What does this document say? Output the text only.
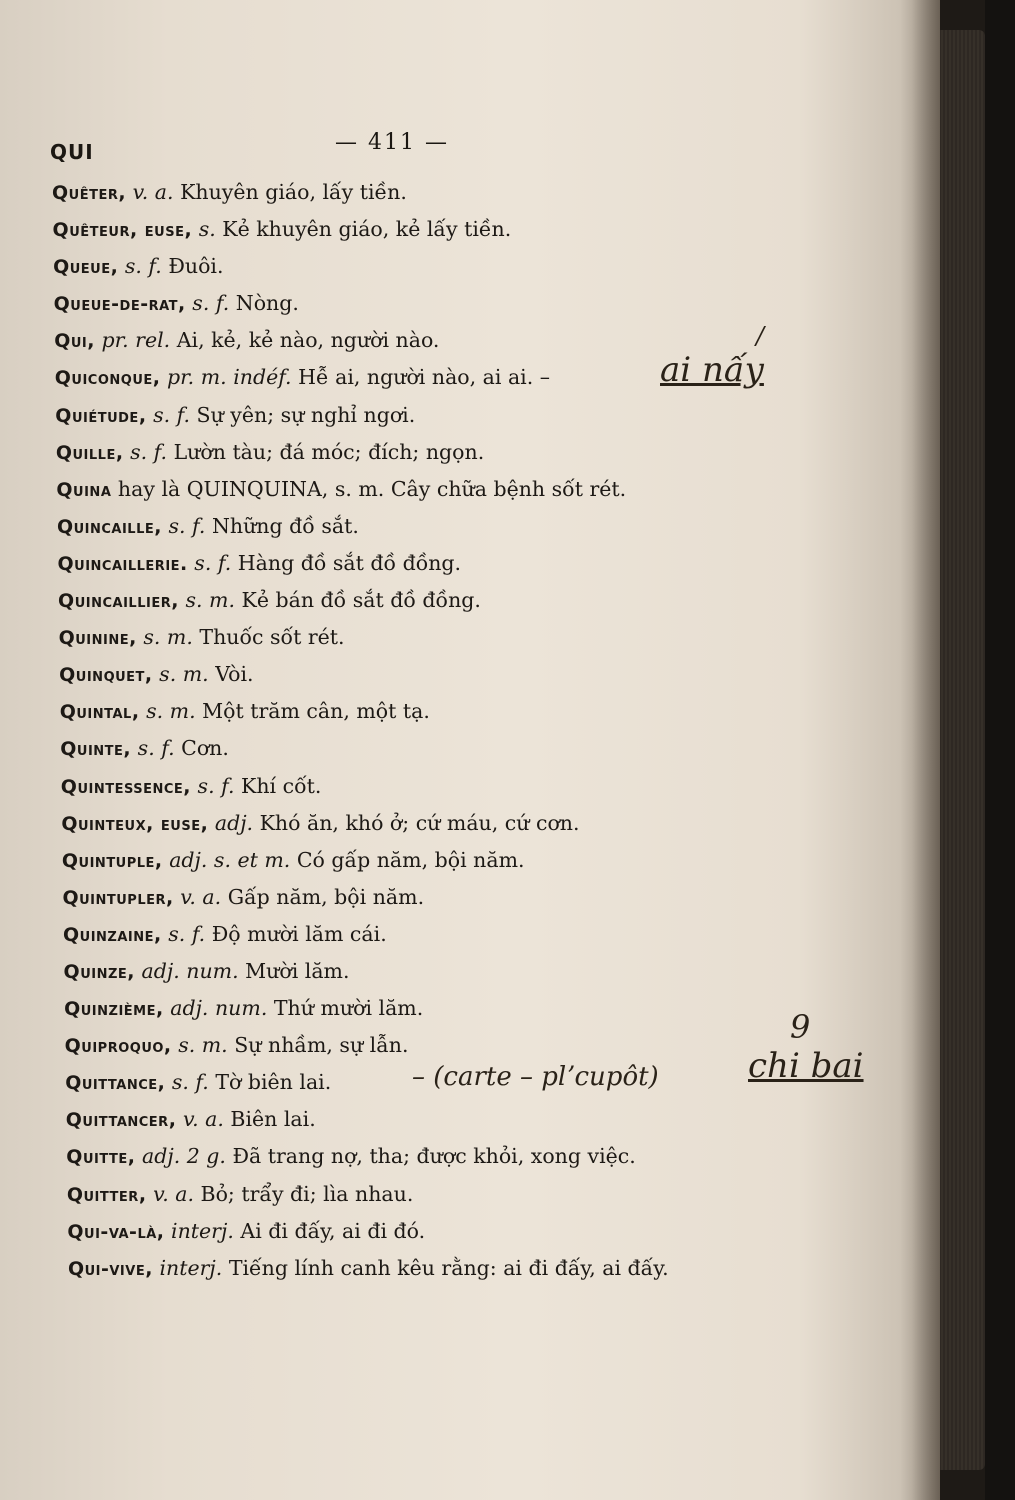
QUI	— 411 —
Quêter, v. a. Khuyên giáo, lấy tiền.
Quêteur, euse, s. Kẻ khuyên giáo, kẻ lấy tiền.
Queue, s. f. Đuôi.
Queue-de-rat, s. f. Nòng.
Qui, pr. rel. Ai, kẻ, kẻ nào, người nào.
Quiconque, pr. m. indéf. Hễ ai, người nào, ai ai. –
Quiétude, s. f. Sự yên; sự nghỉ ngơi.
Quille, s. f. Lườn tàu; đá móc; đích; ngọn.
Quina hay là QUINQUINA, s. m. Cây chữa bệnh sốt rét.
Quincaille, s. f. Những đồ sắt.
Quincaillerie. s. f. Hàng đồ sắt đồ đồng.
Quincaillier, s. m. Kẻ bán đồ sắt đồ đồng.
Quinine, s. m. Thuốc sốt rét.
Quinquet, s. m. Vòi.
Quintal, s. m. Một trăm cân, một tạ.
Quinte, s. f. Cơn.
Quintessence, s. f. Khí cốt.
Quinteux, euse, adj. Khó ăn, khó ở; cứ máu, cứ cơn.
Quintuple, adj. s. et m. Có gấp năm, bội năm.
Quintupler, v. a. Gấp năm, bội năm.
Quinzaine, s. f. Độ mười lăm cái.
Quinze, adj. num. Mười lăm.
Quinzième, adj. num. Thứ mười lăm.
Quiproquo, s. m. Sự nhầm, sự lẫn.
Quittance, s. f. Tờ biên lai.
Quittancer, v. a. Biên lai.
Quitte, adj. 2 g. Đã trang nợ, tha; được khỏi, xong việc.
Quitter, v. a. Bỏ; trẩy đi; lìa nhau.
Qui-va-là, interj. Ai đi đấy, ai đi đó.
Qui-vive, interj. Tiếng lính canh kêu rằng: ai đi đấy, ai đấy.
ai nấy
/
9
– (carte – plʼcupôt)	chi bai
